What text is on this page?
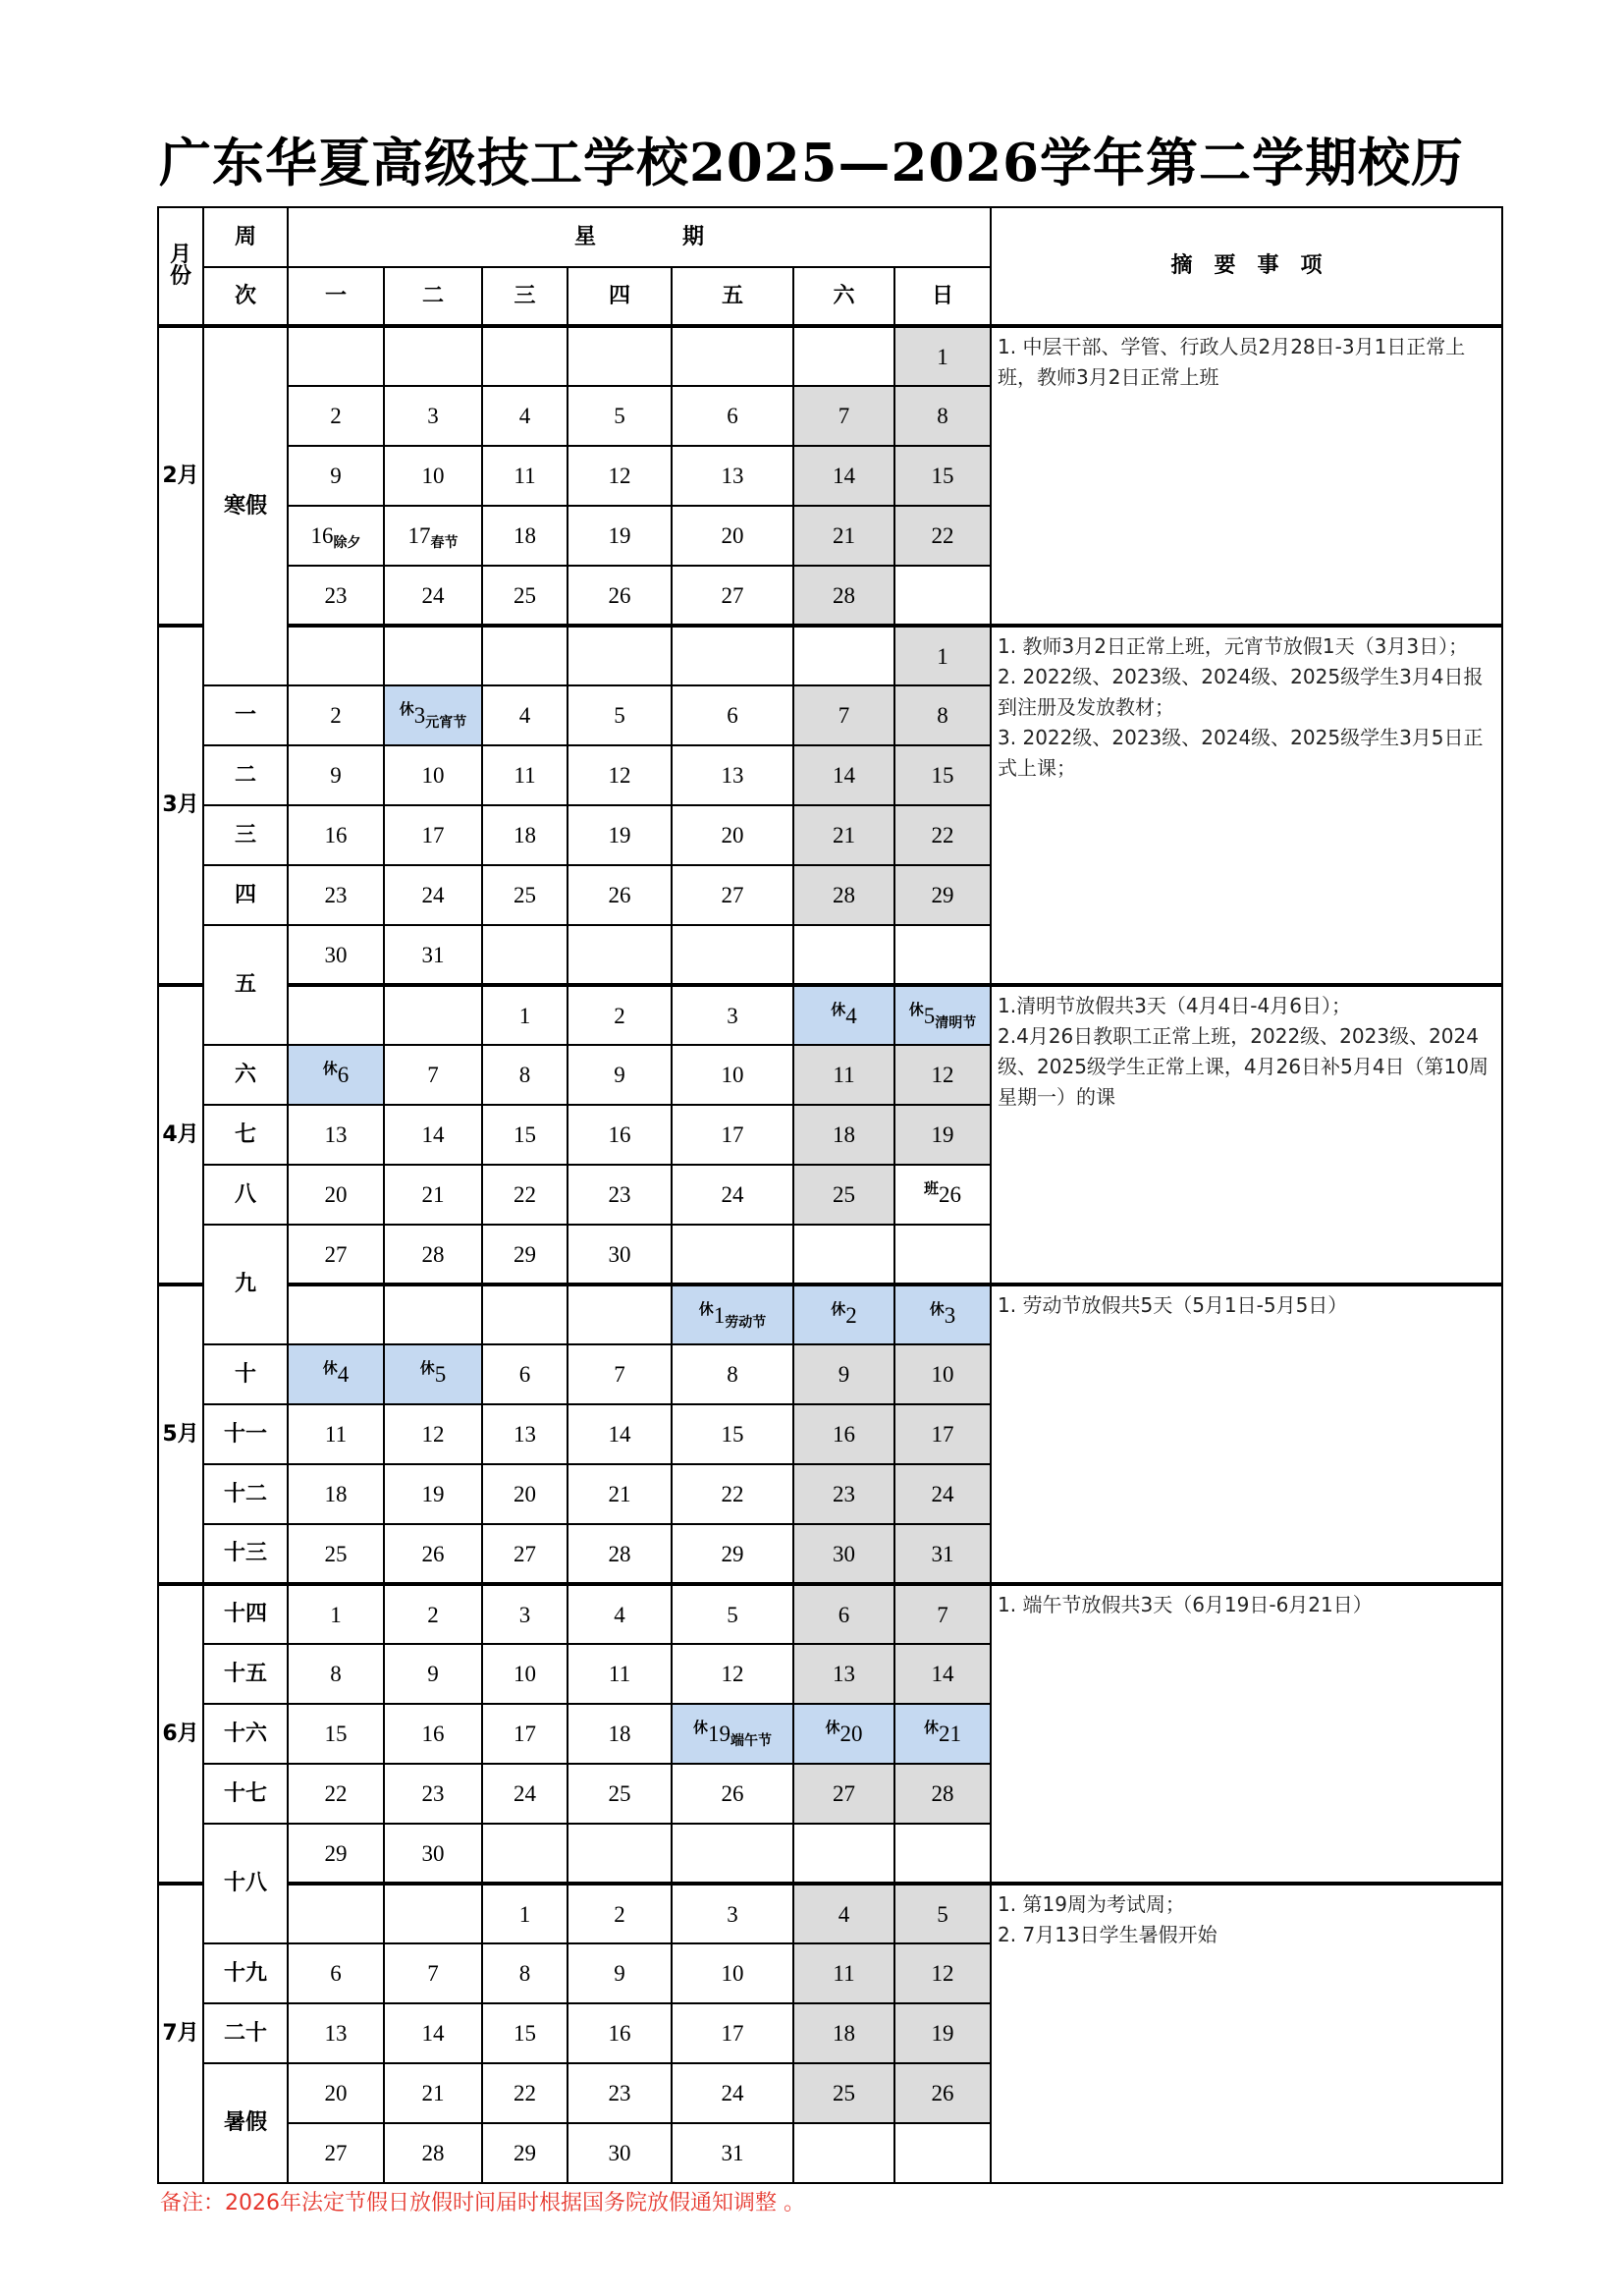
广东华夏高级技工学校2025—2026学年第二学期校历
月
份	周	星　　　　期							摘　要　事　项
	次	一	二	三	四	五	六	日	
2月	寒假							1	1. 中层干部、学管、行政人员2月28日-3月1日正常上班，教师3月2日正常上班

		2	3	4	5	6	7	8	
		9	10	11	12	13	14	15	
		16除夕	17春节	18	19	20	21	22	
		23	24	25	26	27	28		
3月								1	1. 教师3月2日正常上班，元宵节放假1天（3月3日）；
2. 2022级、2023级、2024级、2025级学生3月4日报到注册及发放教材；
3. 2022级、2023级、2024级、2025级学生3月5日正式上课；

	一	2	$^休$3元宵节	4	5	6	7	8	
	二	9	10	11	12	13	14	15	
	三	16	17	18	19	20	21	22	
	四	23	24	25	26	27	28	29	
	五	30	31						
4月				1	2	3	$^休$4	$^休$5清明节	1.清明节放假共3天（4月4日-4月6日）；
2.4月26日教职工正常上班，2022级、2023级、2024级、2025级学生正常上课，4月26日补5月4日（第10周星期一）的课

	六	$^休$6	7	8	9	10	11	12	
	七	13	14	15	16	17	18	19	
	八	20	21	22	23	24	25	$^班$26	
	九	27	28	29	30				
5月						$^休$1劳动节	$^休$2	$^休$3	1. 劳动节放假共5天（5月1日-5月5日）

	十	$^休$4	$^休$5	6	7	8	9	10	
	十一	11	12	13	14	15	16	17	
	十二	18	19	20	21	22	23	24	
	十三	25	26	27	28	29	30	31	
6月	十四	1	2	3	4	5	6	7	1. 端午节放假共3天（6月19日-6月21日）

	十五	8	9	10	11	12	13	14	
	十六	15	16	17	18	$^休$19端午节	$^休$20	$^休$21	
	十七	22	23	24	25	26	27	28	
	十八	29	30						
7月				1	2	3	4	5	1. 第19周为考试周；
2. 7月13日学生暑假开始

	十九	6	7	8	9	10	11	12	
	二十	13	14	15	16	17	18	19	
	暑假	20	21	22	23	24	25	26	
		27	28	29	30	31			
备注：2026年法定节假日放假时间届时根据国务院放假通知调整 。
